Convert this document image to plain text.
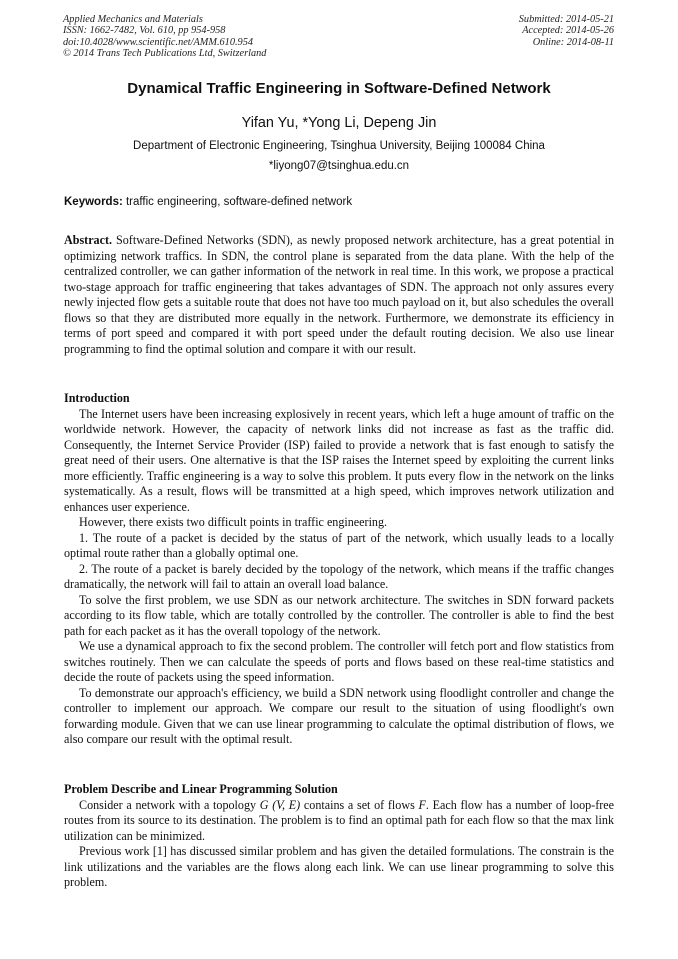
Applied Mechanics and Materials
ISSN: 1662-7482, Vol. 610, pp 954-958
doi:10.4028/www.scientific.net/AMM.610.954
© 2014 Trans Tech Publications Ltd, Switzerland
Submitted: 2014-05-21
Accepted: 2014-05-26
Online: 2014-08-11
Dynamical Traffic Engineering in Software-Defined Network
Yifan Yu, *Yong Li, Depeng Jin
Department of Electronic Engineering, Tsinghua University, Beijing 100084 China
*liyong07@tsinghua.edu.cn
Keywords: traffic engineering, software-defined network

Abstract. Software-Defined Networks (SDN), as newly proposed network architecture, has a great potential in optimizing network traffics. In SDN, the control plane is separated from the data plane. With the help of the centralized controller, we can gather information of the network in real time. In this work, we propose a practical two-stage approach for traffic engineering that takes advantages of SDN. The approach not only assures every newly injected flow gets a suitable route that does not have too much payload on it, but also schedules the overall flows so that they are distributed more equally in the network. Furthermore, we demonstrate its efficiency in terms of port speed and compared it with port speed under the default routing decision. We also use linear programming to find the optimal solution and compare it with our result.

Introduction

The Internet users have been increasing explosively in recent years, which left a huge amount of traffic on the worldwide network. However, the capacity of network links did not increase as fast as the traffic did. Consequently, the Internet Service Provider (ISP) failed to provide a network that is fast enough to satisfy the great need of their users. One alternative is that the ISP raises the Internet speed by exploiting the current links more efficiently. Traffic engineering is a way to solve this problem. It puts every flow in the network on the links systematically. As a result, flows will be transmitted at a high speed, which improves network utilization and enhances user experience.

However, there exists two difficult points in traffic engineering.

1. The route of a packet is decided by the status of part of the network, which usually leads to a locally optimal route rather than a globally optimal one.

2. The route of a packet is barely decided by the topology of the network, which means if the traffic changes dramatically, the network will fail to attain an overall load balance.

To solve the first problem, we use SDN as our network architecture. The switches in SDN forward packets according to its flow table, which are totally controlled by the controller. The controller is able to find the best path for each packet as it has the overall topology of the network.

We use a dynamical approach to fix the second problem. The controller will fetch port and flow statistics from switches routinely. Then we can calculate the speeds of ports and flows based on these real-time statistics and decide the route of packets using the speed information.

To demonstrate our approach's efficiency, we build a SDN network using floodlight controller and change the controller to implement our approach. We compare our result to the situation of using floodlight's own forwarding module. Given that we can use linear programming to calculate the optimal distribution of flows, we also compare our result with the optimal result.

Problem Describe and Linear Programming Solution

Consider a network with a topology G (V, E) contains a set of flows F. Each flow has a number of loop-free routes from its source to its destination. The problem is to find an optimal path for each flow so that the max link utilization can be minimized.

Previous work [1] has discussed similar problem and has given the detailed formulations. The constrain is the link utilizations and the variables are the flows along each link. We can use linear programming to solve this problem.
